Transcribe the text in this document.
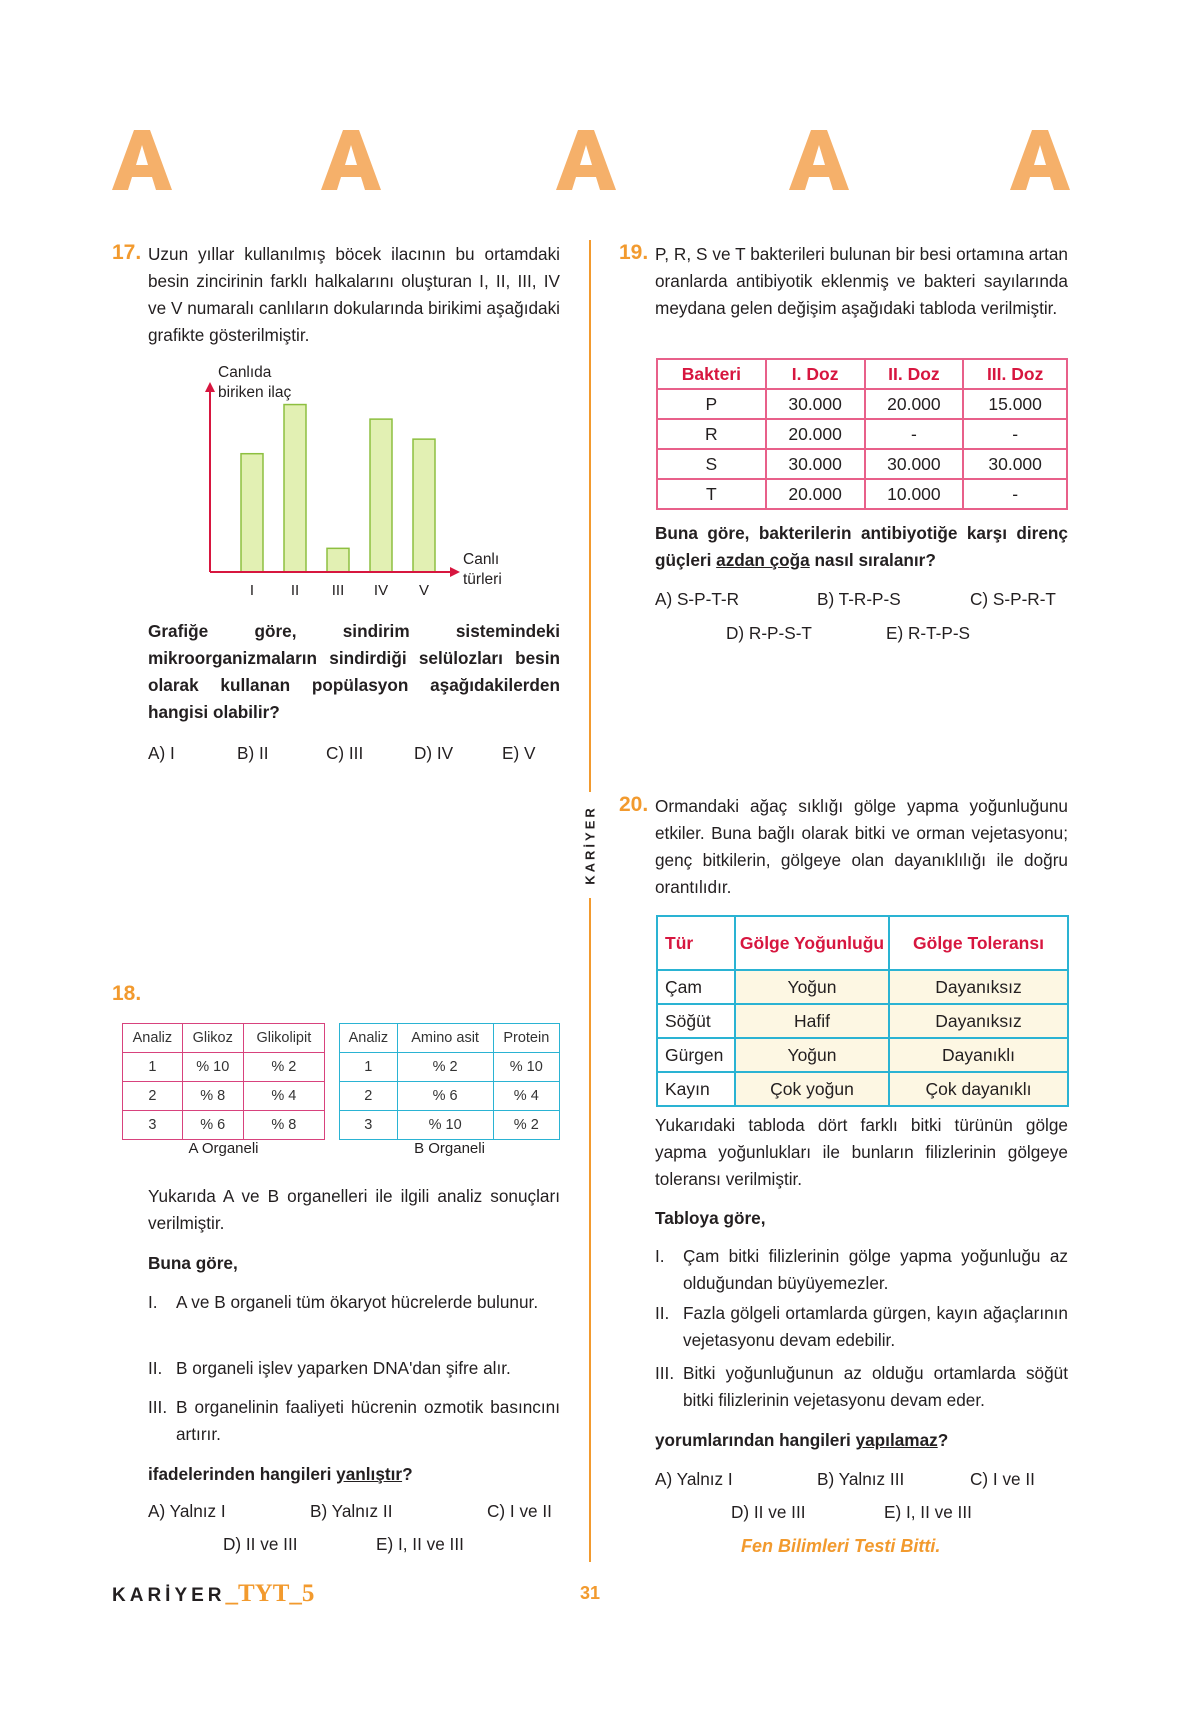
KARİYER
17. Uzun yıllar kullanılmış böcek ilacının bu ortamdaki besin zincirinin farklı halkalarını oluşturan I, II, III, IV ve V numaralı canlıların dokularında birikimi aşağıdaki grafikte gösterilmiştir.
I II III IV V
Canlıda biriken ilaç
Canlı türleri
Grafiğe göre, sindirim sistemindeki mikroorganizmaların sindirdiği selülozları besin olarak kullanan popülasyon aşağıdakilerden hangisi olabilir?
A) I	B) II	C) III	D) IV	E) V
18.
Analiz	Glikoz	Glikolipit
1	% 10	% 2
2	% 8	% 4
3	% 6	% 8
A Organeli
Analiz	Amino asit	Protein
1	% 2	% 10
2	% 6	% 4
3	% 10	% 2
B Organeli
Yukarıda A ve B organelleri ile ilgili analiz sonuçları verilmiştir.
Buna göre,
I.	A ve B organeli tüm ökaryot hücrelerde bulunur.
II. B organeli işlev yaparken DNA'dan şifre alır.
III. B organelinin faaliyeti hücrenin ozmotik basıncını artırır.
ifadelerinden hangileri yanlıştır?
A) Yalnız I	B) Yalnız II	C) I ve II
D) II ve III	E) I, II ve III
19. P, R, S ve T bakterileri bulunan bir besi ortamına artan oranlarda antibiyotik eklenmiş ve bakteri sayılarında meydana gelen değişim aşağıdaki tabloda verilmiştir.
Bakteri	I. Doz	II. Doz	III. Doz
P	30.000	20.000	15.000
R	20.000	-	-
S	30.000	30.000	30.000
T	20.000	10.000	-
Buna göre, bakterilerin antibiyotiğe karşı direnç güçleri azdan çoğa nasıl sıralanır?
A) S-P-T-R	B) T-R-P-S	C) S-P-R-T
D) R-P-S-T	E) R-T-P-S
20. Ormandaki ağaç sıklığı gölge yapma yoğunluğunu etkiler. Buna bağlı olarak bitki ve orman vejetasyonu; genç bitkilerin, gölgeye olan dayanıklılığı ile doğru orantılıdır.
Tür	Gölge Yoğunluğu	Gölge Toleransı
Çam	Yoğun	Dayanıksız
Söğüt	Hafif	Dayanıksız
Gürgen	Yoğun	Dayanıklı
Kayın	Çok yoğun	Çok dayanıklı
Yukarıdaki tabloda dört farklı bitki türünün gölge yapma yoğunlukları ile bunların filizlerinin gölgeye toleransı verilmiştir.
Tabloya göre,
I.	Çam bitki filizlerinin gölge yapma yoğunluğu az olduğundan büyüyemezler.
II. Fazla gölgeli ortamlarda gürgen, kayın ağaçlarının vejetasyonu devam edebilir.
III. Bitki yoğunluğunun az olduğu ortamlarda söğüt bitki filizlerinin vejetasyonu devam eder.
yorumlarından hangileri yapılamaz?
A) Yalnız I	B) Yalnız III	C) I ve II
D) II ve III	E) I, II ve III
Fen Bilimleri Testi Bitti.
KARİYER_TYT_5	31
